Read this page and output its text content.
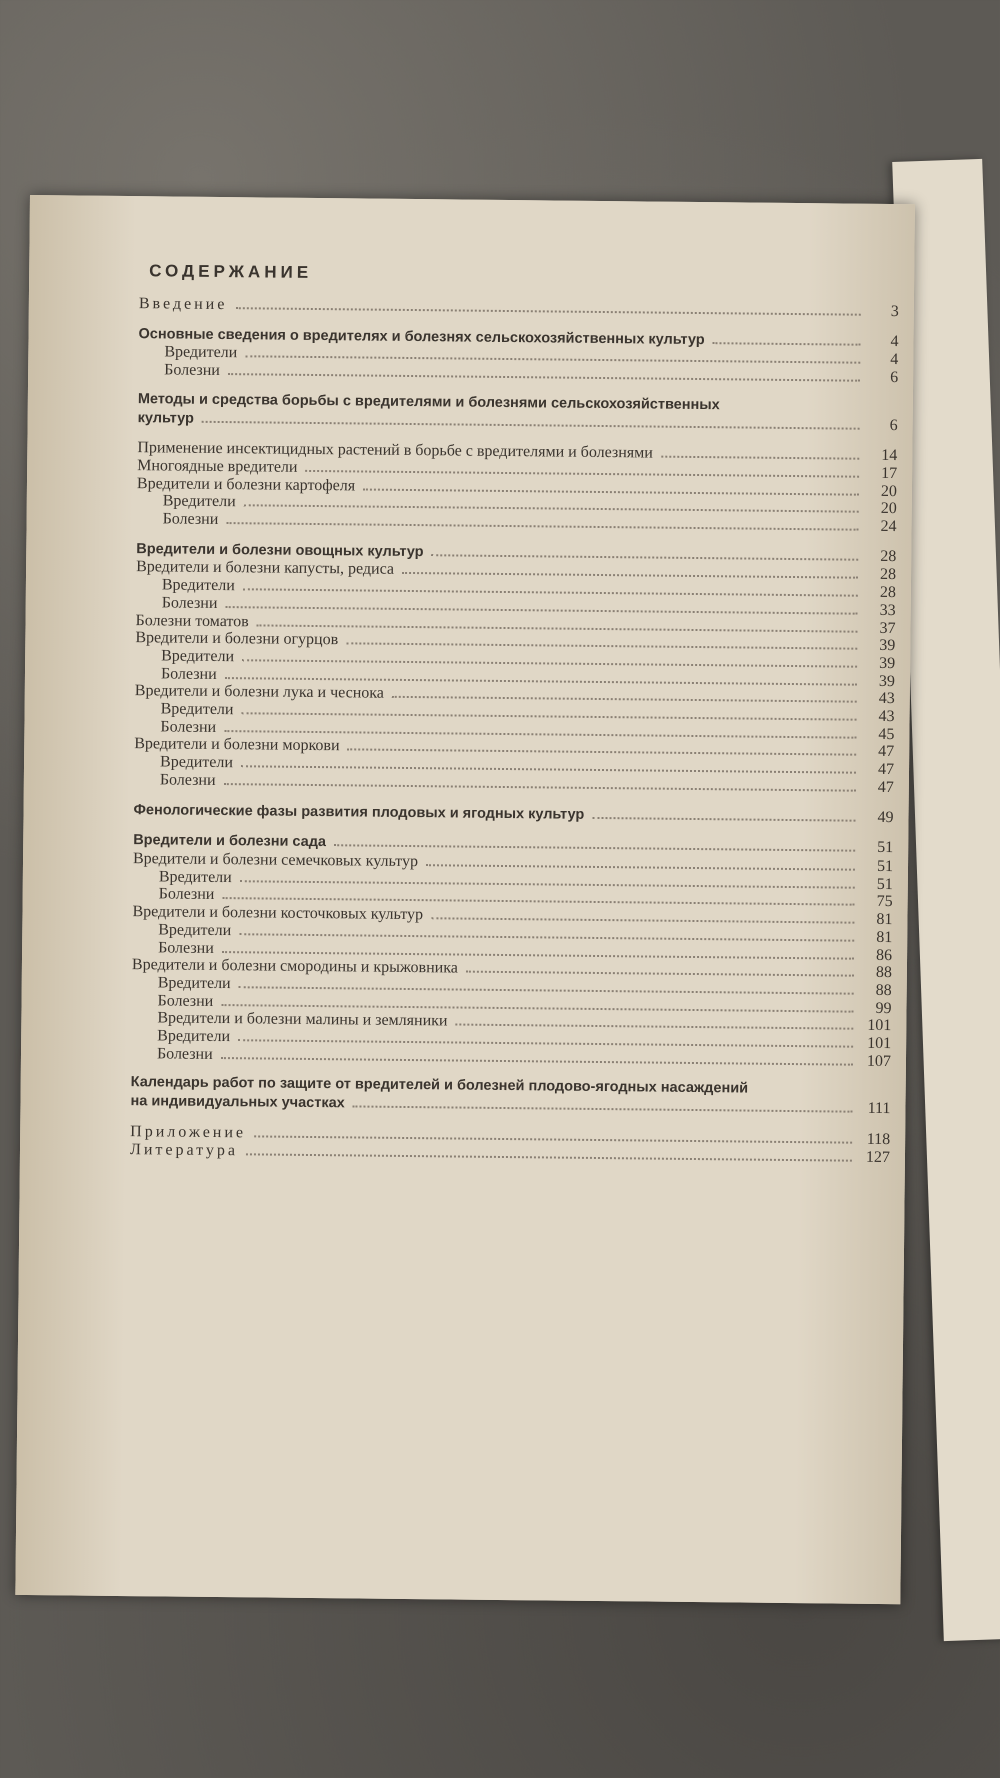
СОДЕРЖАНИЕ
Введение	3
Основные сведения о вредителях и болезнях сельскохозяйственных культур	4
Вредители	4
Болезни	6
Методы и средства борьбы с вредителями и болезнями сельскохозяйственных
культур	6
Применение инсектицидных растений в борьбе с вредителями и болезнями	14
Многоядные вредители	17
Вредители и болезни картофеля	20
Вредители	20
Болезни	24
Вредители и болезни овощных культур	28
Вредители и болезни капусты, редиса	28
Вредители	28
Болезни	33
Болезни томатов	37
Вредители и болезни огурцов	39
Вредители	39
Болезни	39
Вредители и болезни лука и чеснока	43
Вредители	43
Болезни	45
Вредители и болезни моркови	47
Вредители	47
Болезни	47
Фенологические фазы развития плодовых и ягодных культур	49
Вредители и болезни сада	51
Вредители и болезни семечковых культур	51
Вредители	51
Болезни	75
Вредители и болезни косточковых культур	81
Вредители	81
Болезни	86
Вредители и болезни смородины и крыжовника	88
Вредители	88
Болезни	99
Вредители и болезни малины и земляники	101
Вредители	101
Болезни	107
Календарь работ по защите от вредителей и болезней плодово-ягодных насаждений
на индивидуальных участках	111
Приложение	118
Литература	127
